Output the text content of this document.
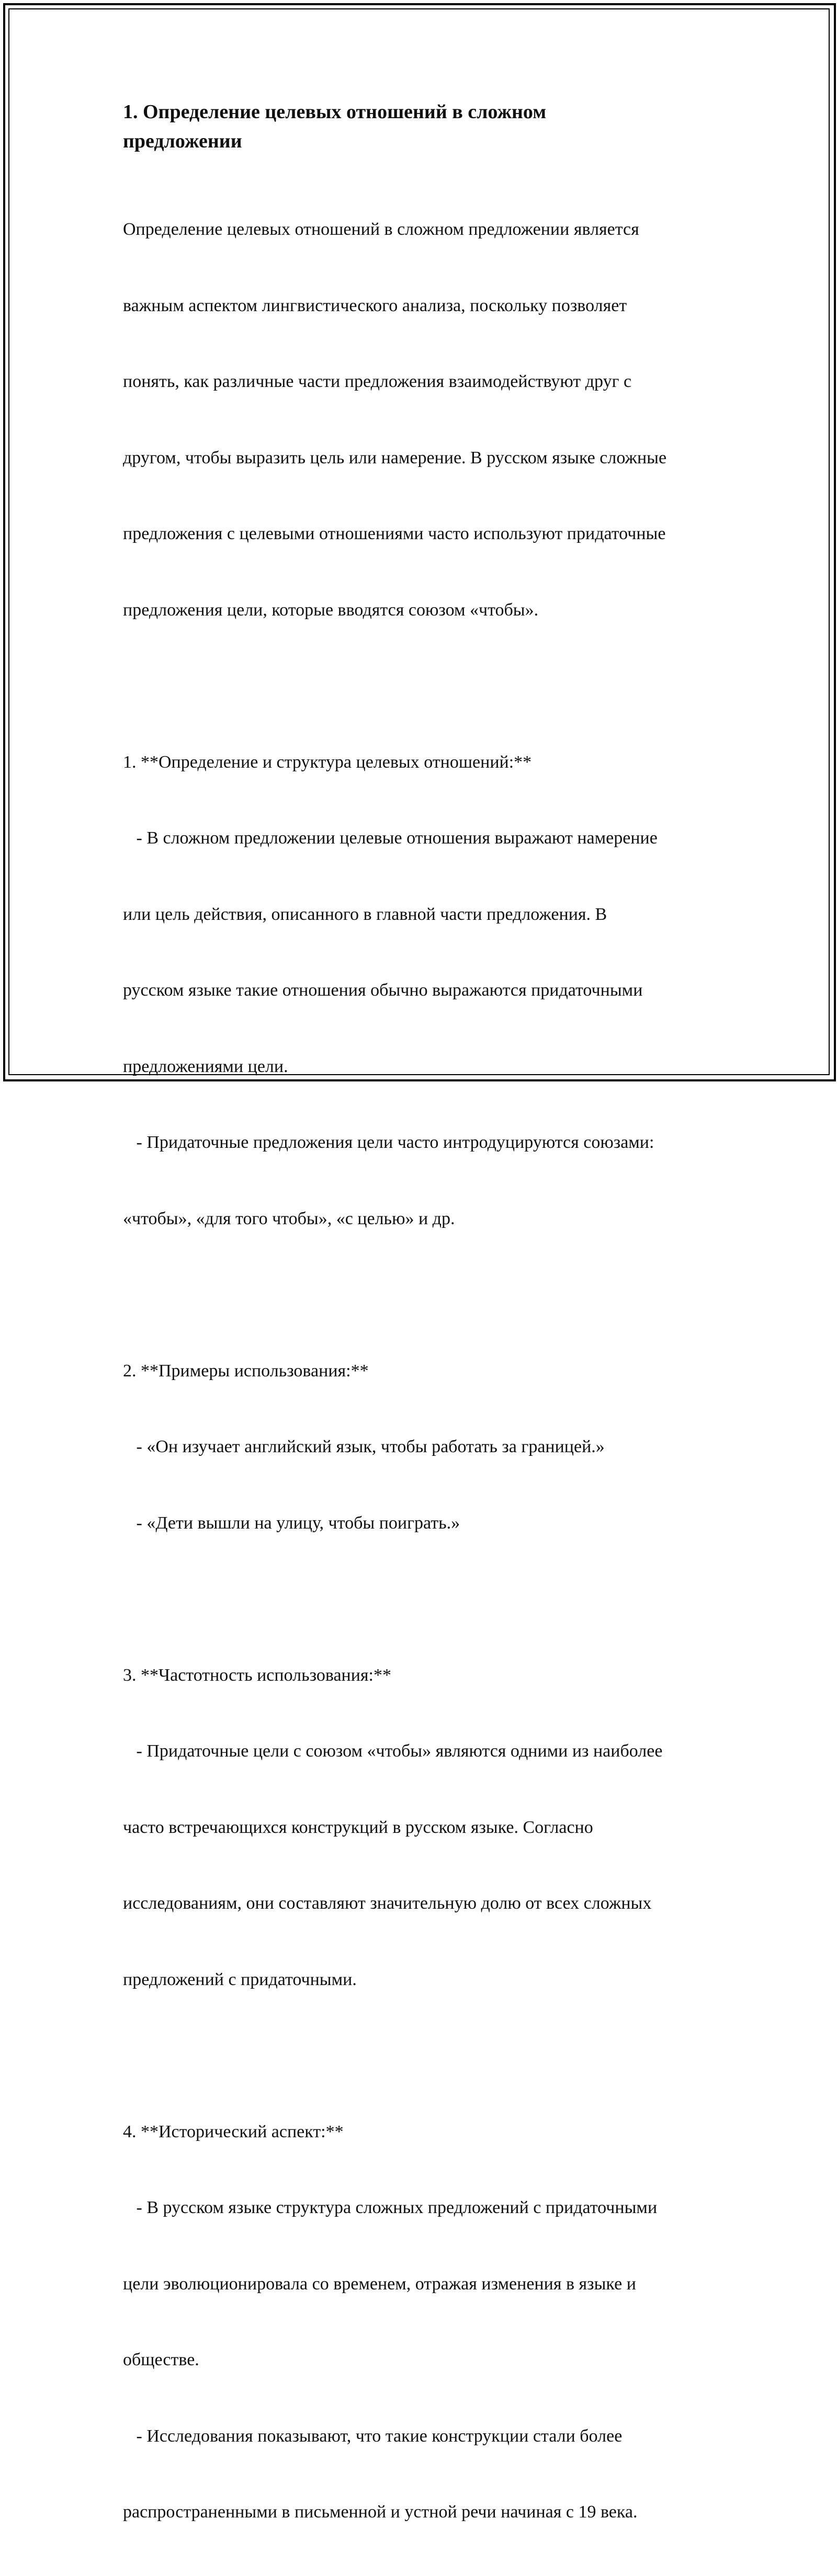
1. Определение целевых отношений в сложном
предложении

Определение целевых отношений в сложном предложении является

важным аспектом лингвистического анализа, поскольку позволяет

понять, как различные части предложения взаимодействуют друг с

другом, чтобы выразить цель или намерение. В русском языке сложные

предложения с целевыми отношениями часто используют придаточные

предложения цели, которые вводятся союзом «чтобы».

1. **Определение и структура целевых отношений:**

- В сложном предложении целевые отношения выражают намерение

или цель действия, описанного в главной части предложения. В

русском языке такие отношения обычно выражаются придаточными

предложениями цели.

- Придаточные предложения цели часто интродуцируются союзами:

«чтобы», «для того чтобы», «с целью» и др.

2. **Примеры использования:**

- «Он изучает английский язык, чтобы работать за границей.»

- «Дети вышли на улицу, чтобы поиграть.»

3. **Частотность использования:**

- Придаточные цели с союзом «чтобы» являются одними из наиболее

часто встречающихся конструкций в русском языке. Согласно

исследованиям, они составляют значительную долю от всех сложных

предложений с придаточными.

4. **Исторический аспект:**

- В русском языке структура сложных предложений с придаточными

цели эволюционировала со временем, отражая изменения в языке и

обществе.

- Исследования показывают, что такие конструкции стали более

распространенными в письменной и устной речи начиная с 19 века.
